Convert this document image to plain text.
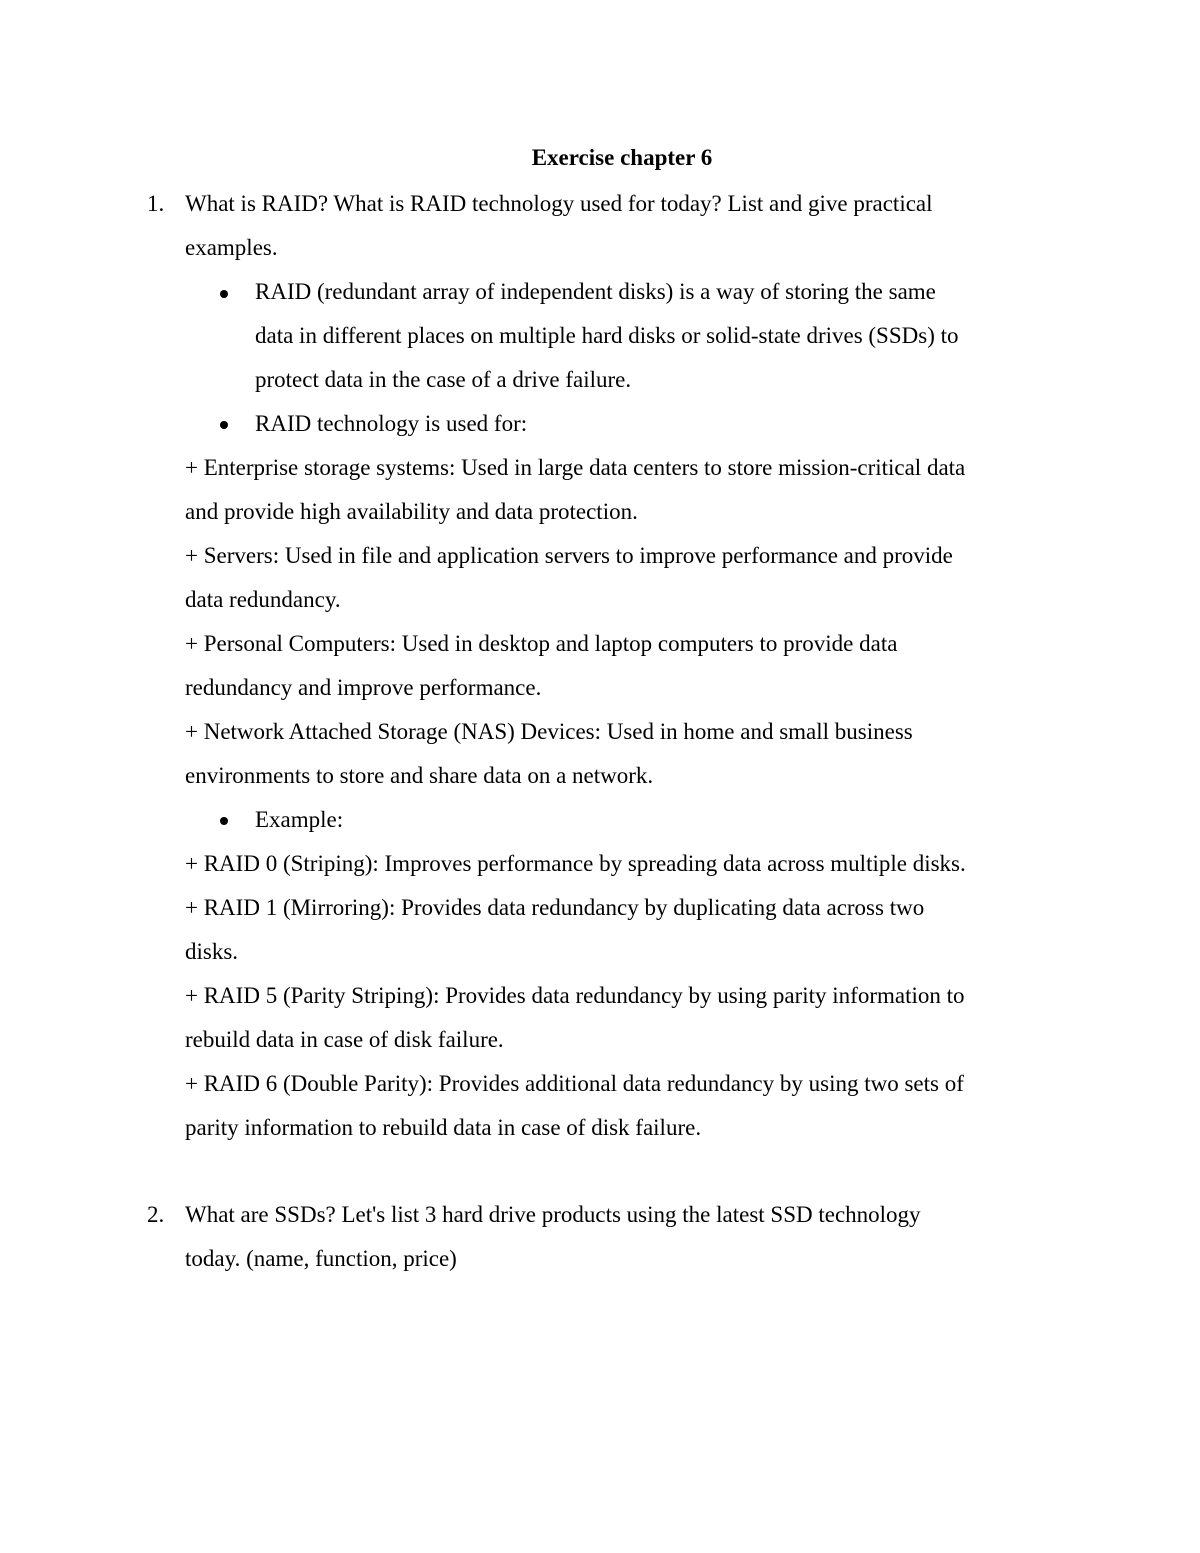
Exercise chapter 6
1. What is RAID? What is RAID technology used for today? List and give practical
examples.
RAID (redundant array of independent disks) is a way of storing the same
data in different places on multiple hard disks or solid-state drives (SSDs) to
protect data in the case of a drive failure.
RAID technology is used for:
+ Enterprise storage systems: Used in large data centers to store mission-critical data
and provide high availability and data protection.
+ Servers: Used in file and application servers to improve performance and provide
data redundancy.
+ Personal Computers: Used in desktop and laptop computers to provide data
redundancy and improve performance.
+ Network Attached Storage (NAS) Devices: Used in home and small business
environments to store and share data on a network.
Example:
+ RAID 0 (Striping): Improves performance by spreading data across multiple disks.
+ RAID 1 (Mirroring): Provides data redundancy by duplicating data across two
disks.
+ RAID 5 (Parity Striping): Provides data redundancy by using parity information to
rebuild data in case of disk failure.
+ RAID 6 (Double Parity): Provides additional data redundancy by using two sets of
parity information to rebuild data in case of disk failure.
2. What are SSDs? Let's list 3 hard drive products using the latest SSD technology
today. (name, function, price)
